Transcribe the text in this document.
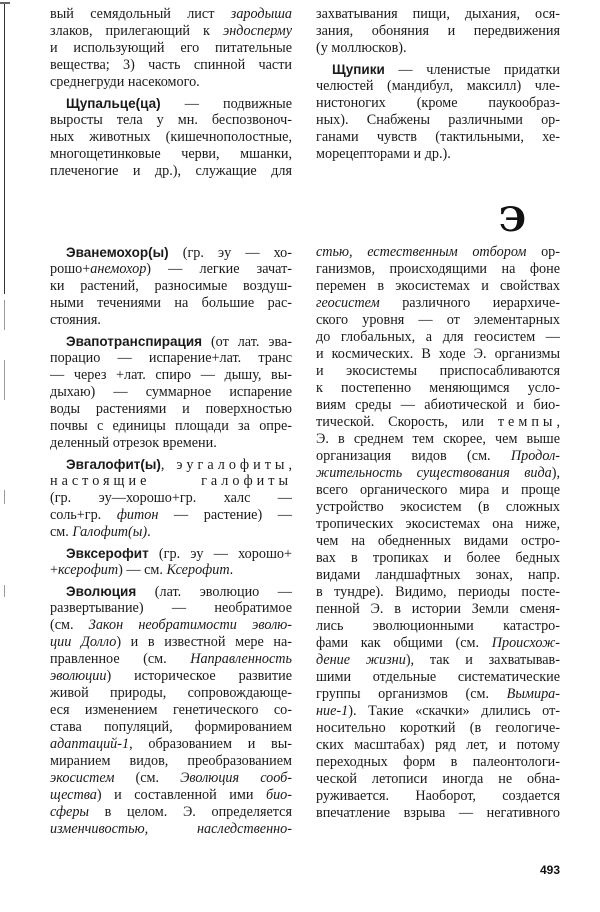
вый семядольный лист зародыша
злаков, прилегающий к эндосперму
и использующий его питательные
вещества; 3) часть спинной части
среднегруди насекомого.
Щупальце(ца) — подвижные
выросты тела у мн. беспозвоноч-
ных животных (кишечнополостные,
многощетинковые черви, мшанки,
плеченогие и др.), служащие для
захватывания пищи, дыхания, ося-
зания, обоняния и передвижения
(у моллюсков).
Щупики — членистые придатки
челюстей (мандибул, максилл) чле-
нистоногих (кроме паукообраз-
ных). Снабжены различными ор-
ганами чувств (тактильными, хе-
морецепторами и др.).
Э
Эванемохор(ы) (гр. эу — хо-
рошо+анемохор) — легкие зачат-
ки растений, разносимые воздуш-
ными течениями на большие рас-
стояния.
Эвапотранспирация (от лат. эва-
порацио — испарение+лат. транс
— через +лат. спиро — дышу, вы-
дыхаю) — суммарное испарение
воды растениями и поверхностью
почвы с единицы площади за опре-
деленный отрезок времени.
Эвгалофит(ы), эугалофиты,
настоящие галофиты
(гр. эу—хорошо+гр. халс —
соль+гр. фитон — растение) —
см. Галофит(ы).
Эвксерофит (гр. эу — хорошо+
+ксерофит) — см. Ксерофит.
Эволюция (лат. эволюцио —
развертывание) — необратимое
(см. Закон необратимости эволю-
ции Долло) и в известной мере на-
правленное (см. Направленность
эволюции) историческое развитие
живой природы, сопровождающе-
еся изменением генетического со-
става популяций, формированием
адаптаций-1, образованием и вы-
миранием видов, преобразованием
экосистем (см. Эволюция сооб-
щества) и составленной ими био-
сферы в целом. Э. определяется
изменчивостью, наследственно-
стью, естественным отбором ор-
ганизмов, происходящими на фоне
перемен в экосистемах и свойствах
геосистем различного иерархиче-
ского уровня — от элементарных
до глобальных, а для геосистем —
и космических. В ходе Э. организмы
и экосистемы приспосабливаются
к постепенно меняющимся усло-
виям среды — абиотической и био-
тической. Скорость, или темпы,
Э. в среднем тем скорее, чем выше
организация видов (см. Продол-
жительность существования вида),
всего органического мира и проще
устройство экосистем (в сложных
тропических экосистемах она ниже,
чем на обедненных видами остро-
вах в тропиках и более бедных
видами ландшафтных зонах, напр.
в тундре). Видимо, периоды посте-
пенной Э. в истории Земли сменя-
лись эволюционными катастро-
фами как общими (см. Происхож-
дение жизни), так и захватывав-
шими отдельные систематические
группы организмов (см. Вымира-
ние-1). Такие «скачки» длились от-
носительно короткий (в геологиче-
ских масштабах) ряд лет, и потому
переходных форм в палеонтологи-
ческой летописи иногда не обна-
руживается. Наоборот, создается
впечатление взрыва — негативного
493
